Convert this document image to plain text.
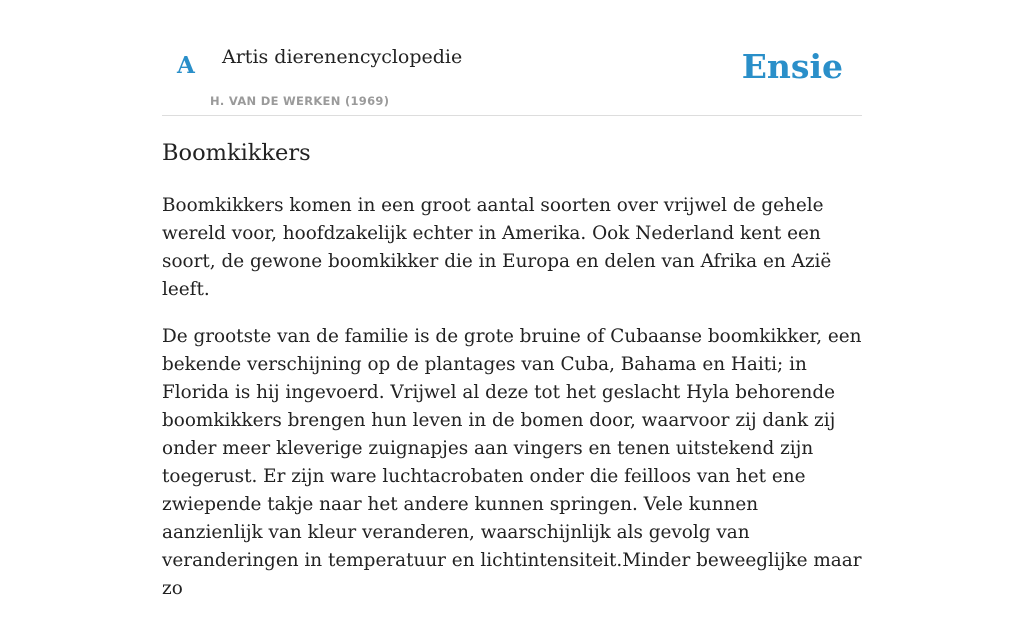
A Artis dierenencyclopedie
H. VAN DE WERKEN (1969)
Ensie
Boomkikkers

Boomkikkers komen in een groot aantal soorten over vrijwel de gehele wereld voor, hoofdzakelijk echter in Amerika. Ook Nederland kent een soort, de gewone boomkikker die in Europa en delen van Afrika en Azië leeft.

De grootste van de familie is de grote bruine of Cubaanse boomkikker, een bekende verschijning op de plantages van Cuba, Bahama en Haiti; in Florida is hij ingevoerd. Vrijwel al deze tot het geslacht Hyla behorende boomkikkers brengen hun leven in de bomen door, waarvoor zij dank zij onder meer kleverige zuignapjes aan vingers en tenen uitstekend zijn toegerust. Er zijn ware luchtacrobaten onder die feilloos van het ene zwiepende takje naar het andere kunnen springen. Vele kunnen aanzienlijk van kleur veranderen, waarschijnlijk als gevolg van veranderingen in temperatuur en lichtintensiteit.Minder beweeglijke maar zo
